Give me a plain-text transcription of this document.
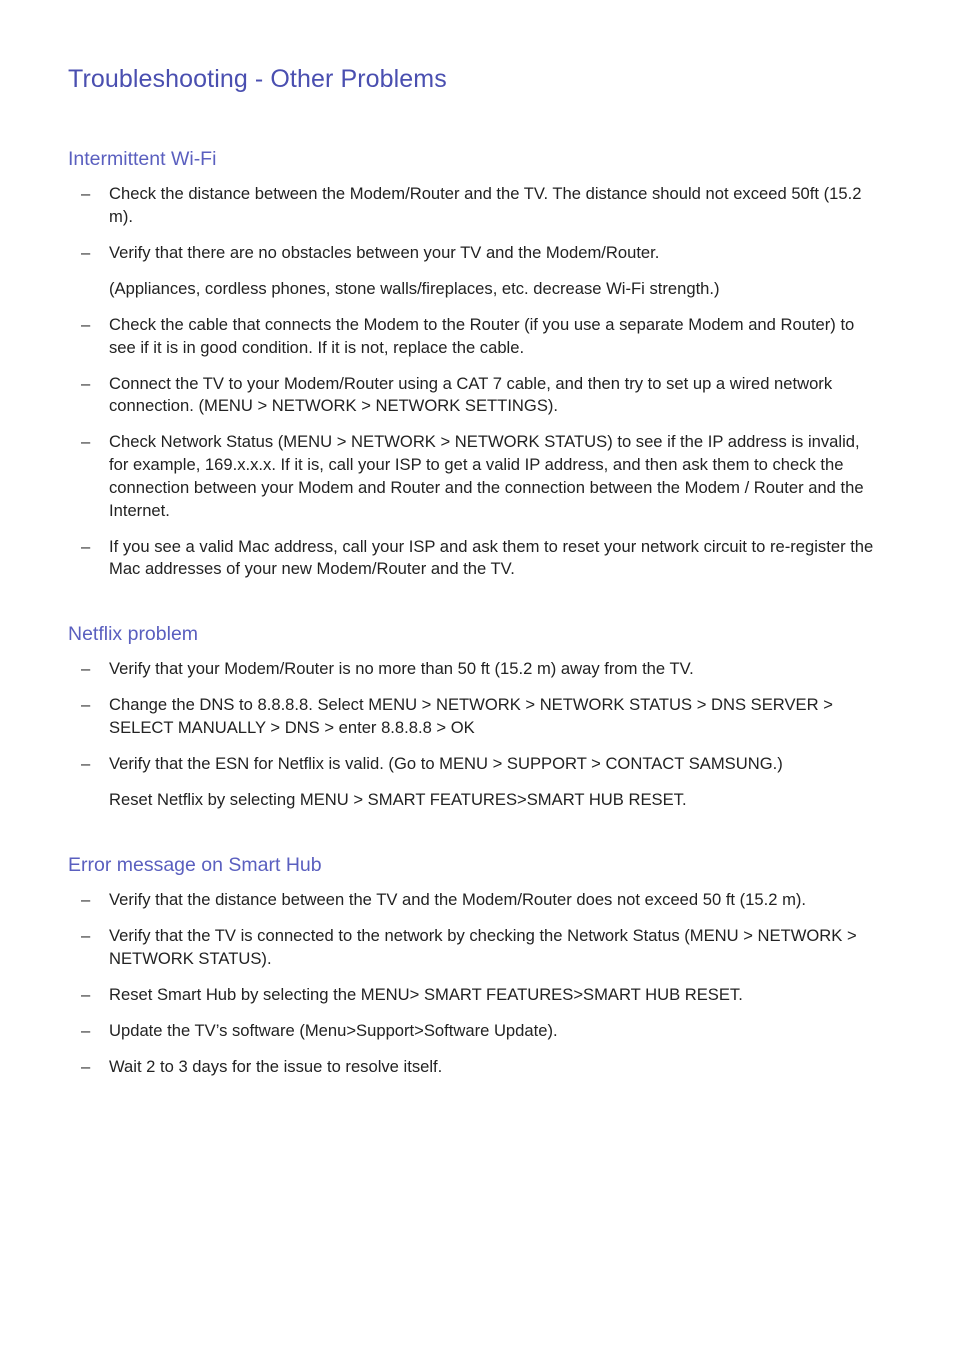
Troubleshooting - Other Problems
Intermittent Wi-Fi
– Check the distance between the Modem/Router and the TV. The distance should not exceed 50ft (15.2 m).
– Verify that there are no obstacles between your TV and the Modem/Router.
(Appliances, cordless phones, stone walls/fireplaces, etc. decrease Wi-Fi strength.)
– Check the cable that connects the Modem to the Router (if you use a separate Modem and Router) to see if it is in good condition. If it is not, replace the cable.
– Connect the TV to your Modem/Router using a CAT 7 cable, and then try to set up a wired network connection. (MENU > NETWORK > NETWORK SETTINGS).
– Check Network Status (MENU > NETWORK > NETWORK STATUS) to see if the IP address is invalid, for example, 169.x.x.x. If it is, call your ISP to get a valid IP address, and then ask them to check the connection between your Modem and Router and the connection between the Modem / Router and the Internet.
– If you see a valid Mac address, call your ISP and ask them to reset your network circuit to re-register the Mac addresses of your new Modem/Router and the TV.
Netflix problem
– Verify that your Modem/Router is no more than 50 ft (15.2 m) away from the TV.
– Change the DNS to 8.8.8.8. Select MENU > NETWORK > NETWORK STATUS > DNS SERVER > SELECT MANUALLY > DNS > enter 8.8.8.8 > OK
– Verify that the ESN for Netflix is valid. (Go to MENU > SUPPORT > CONTACT SAMSUNG.)
Reset Netflix by selecting MENU > SMART FEATURES>SMART HUB RESET.
Error message on Smart Hub
– Verify that the distance between the TV and the Modem/Router does not exceed 50 ft (15.2 m).
– Verify that the TV is connected to the network by checking the Network Status (MENU > NETWORK > NETWORK STATUS).
– Reset Smart Hub by selecting the MENU> SMART FEATURES>SMART HUB RESET.
– Update the TV’s software (Menu>Support>Software Update).
– Wait 2 to 3 days for the issue to resolve itself.
